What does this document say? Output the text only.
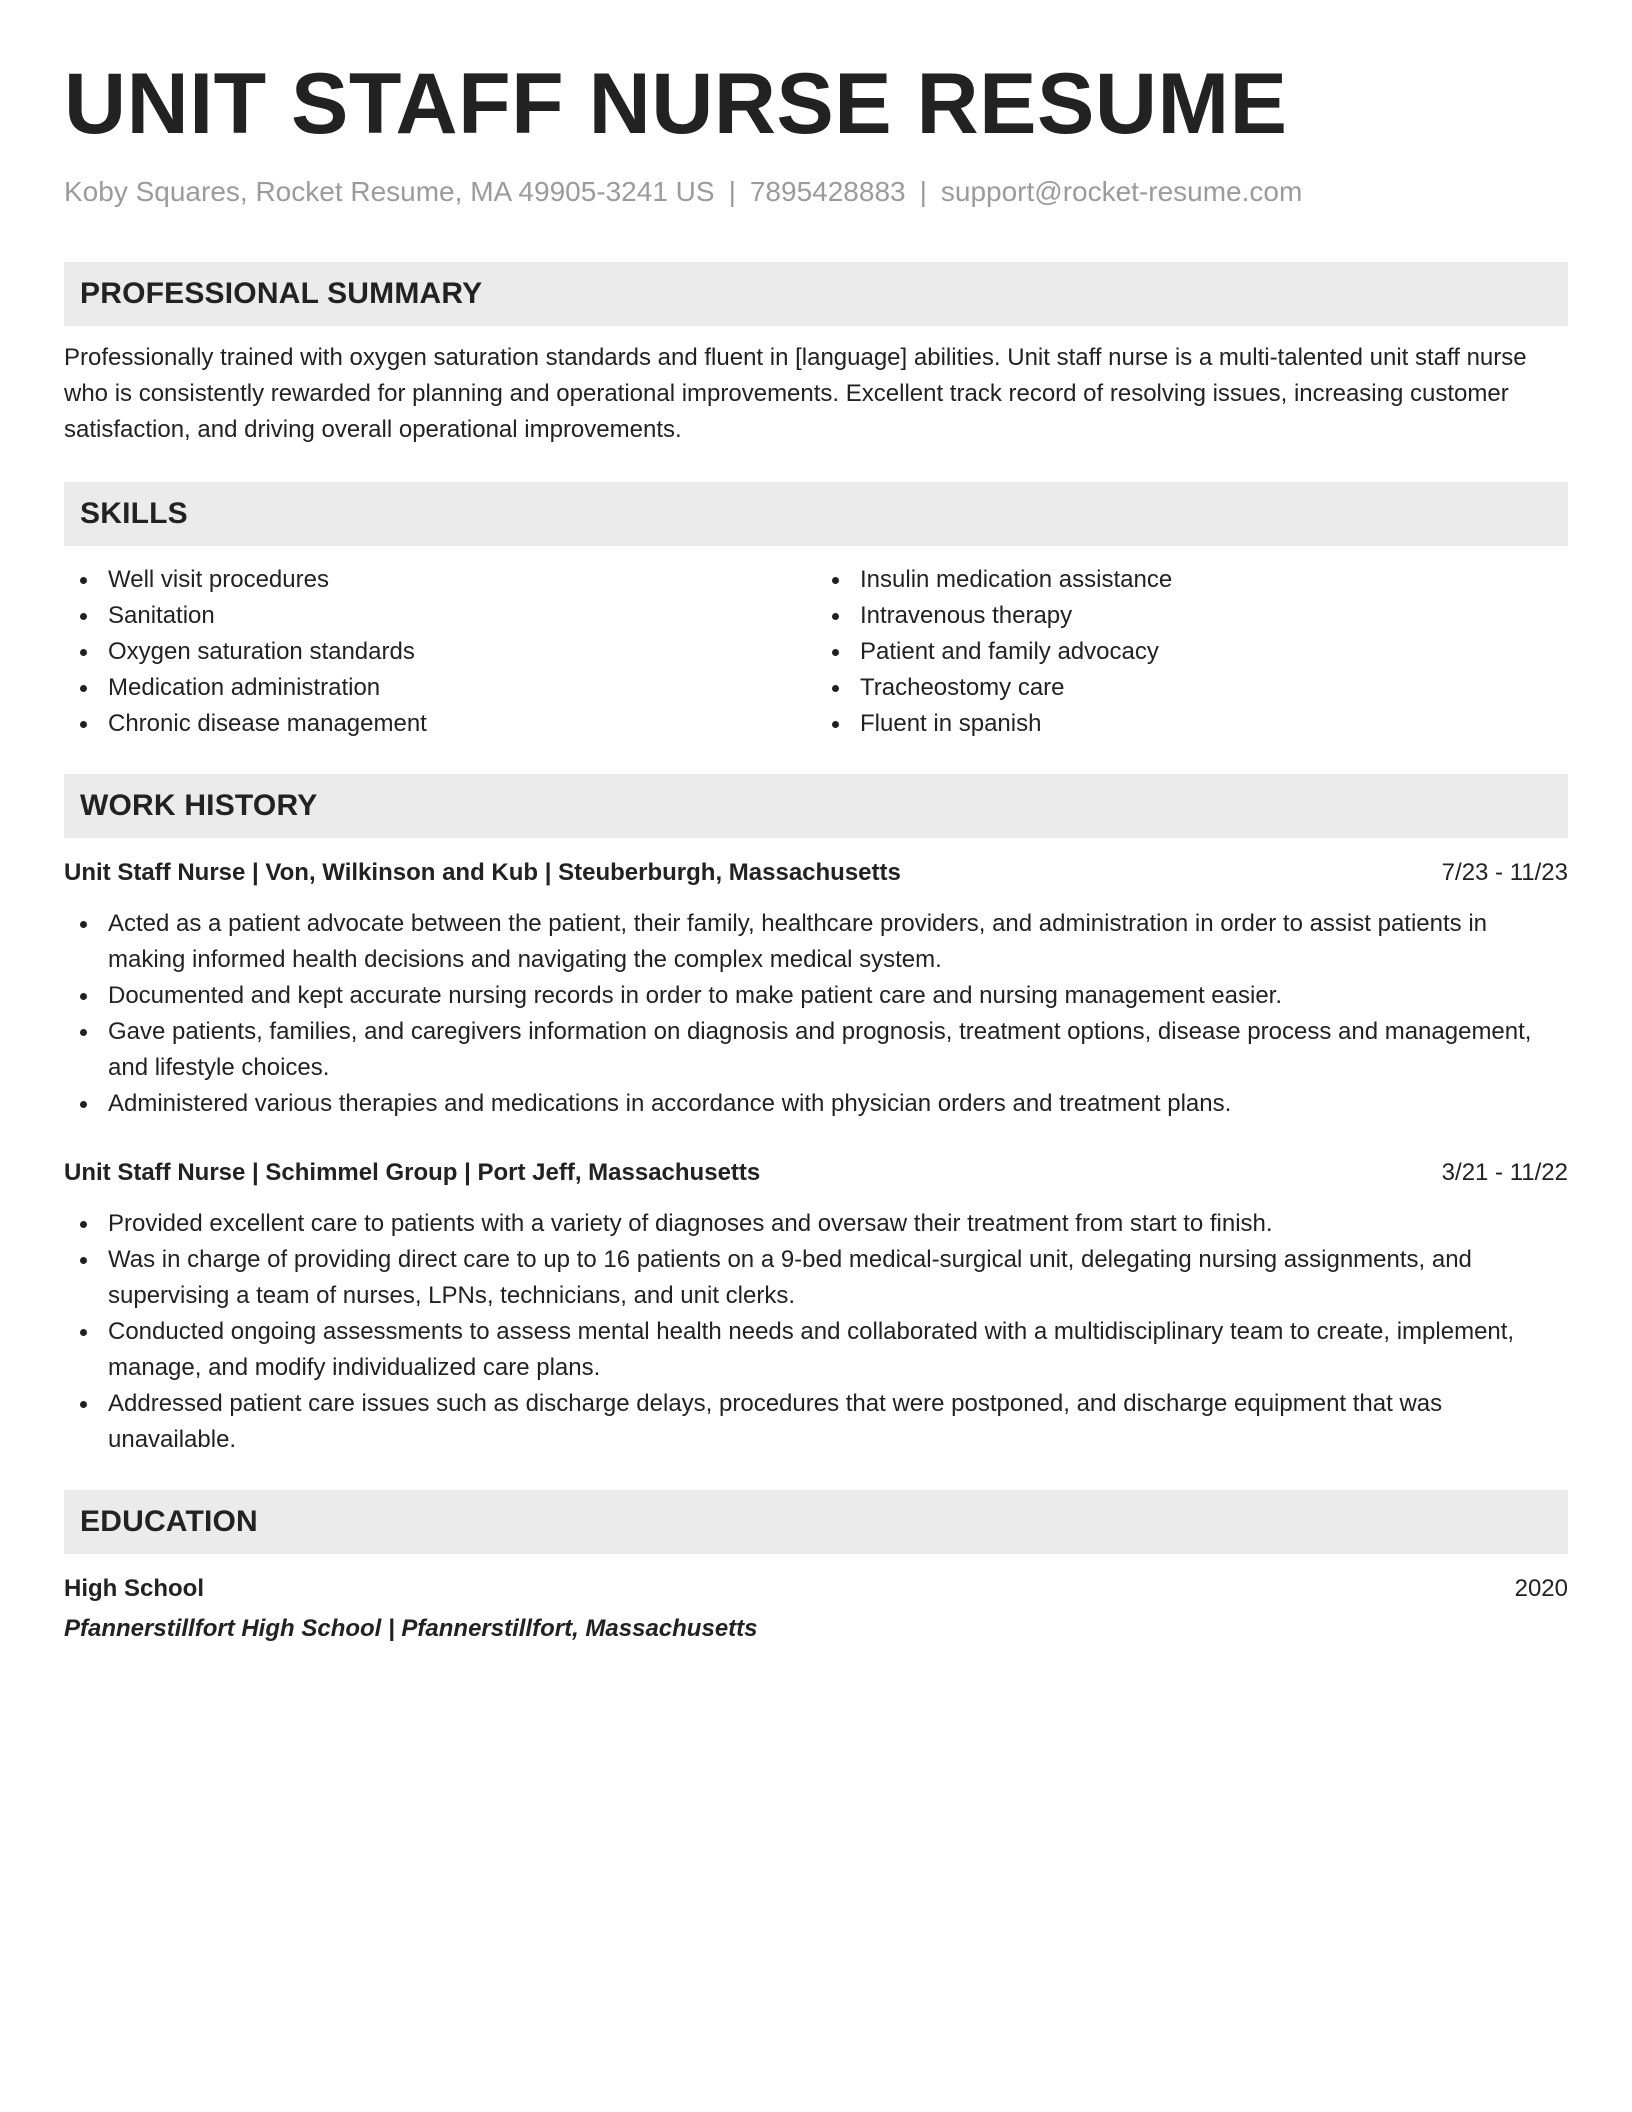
UNIT STAFF NURSE RESUME
Koby Squares, Rocket Resume, MA 49905-3241 US | 7895428883 | support@rocket-resume.com
PROFESSIONAL SUMMARY

Professionally trained with oxygen saturation standards and fluent in [language] abilities. Unit staff nurse is a multi-talented unit staff nurse who is consistently rewarded for planning and operational improvements. Excellent track record of resolving issues, increasing customer satisfaction, and driving overall operational improvements.

SKILLS
Well visit procedures
Sanitation
Oxygen saturation standards
Medication administration
Chronic disease management
Insulin medication assistance
Intravenous therapy
Patient and family advocacy
Tracheostomy care
Fluent in spanish
WORK HISTORY
Unit Staff Nurse | Von, Wilkinson and Kub | Steuberburgh, Massachusetts	7/23 - 11/23
Acted as a patient advocate between the patient, their family, healthcare providers, and administration in order to assist patients in making informed health decisions and navigating the complex medical system.
Documented and kept accurate nursing records in order to make patient care and nursing management easier.
Gave patients, families, and caregivers information on diagnosis and prognosis, treatment options, disease process and management, and lifestyle choices.
Administered various therapies and medications in accordance with physician orders and treatment plans.
Unit Staff Nurse | Schimmel Group | Port Jeff, Massachusetts	3/21 - 11/22
Provided excellent care to patients with a variety of diagnoses and oversaw their treatment from start to finish.
Was in charge of providing direct care to up to 16 patients on a 9-bed medical-surgical unit, delegating nursing assignments, and supervising a team of nurses, LPNs, technicians, and unit clerks.
Conducted ongoing assessments to assess mental health needs and collaborated with a multidisciplinary team to create, implement, manage, and modify individualized care plans.
Addressed patient care issues such as discharge delays, procedures that were postponed, and discharge equipment that was unavailable.
EDUCATION
High School	2020
Pfannerstillfort High School | Pfannerstillfort, Massachusetts
